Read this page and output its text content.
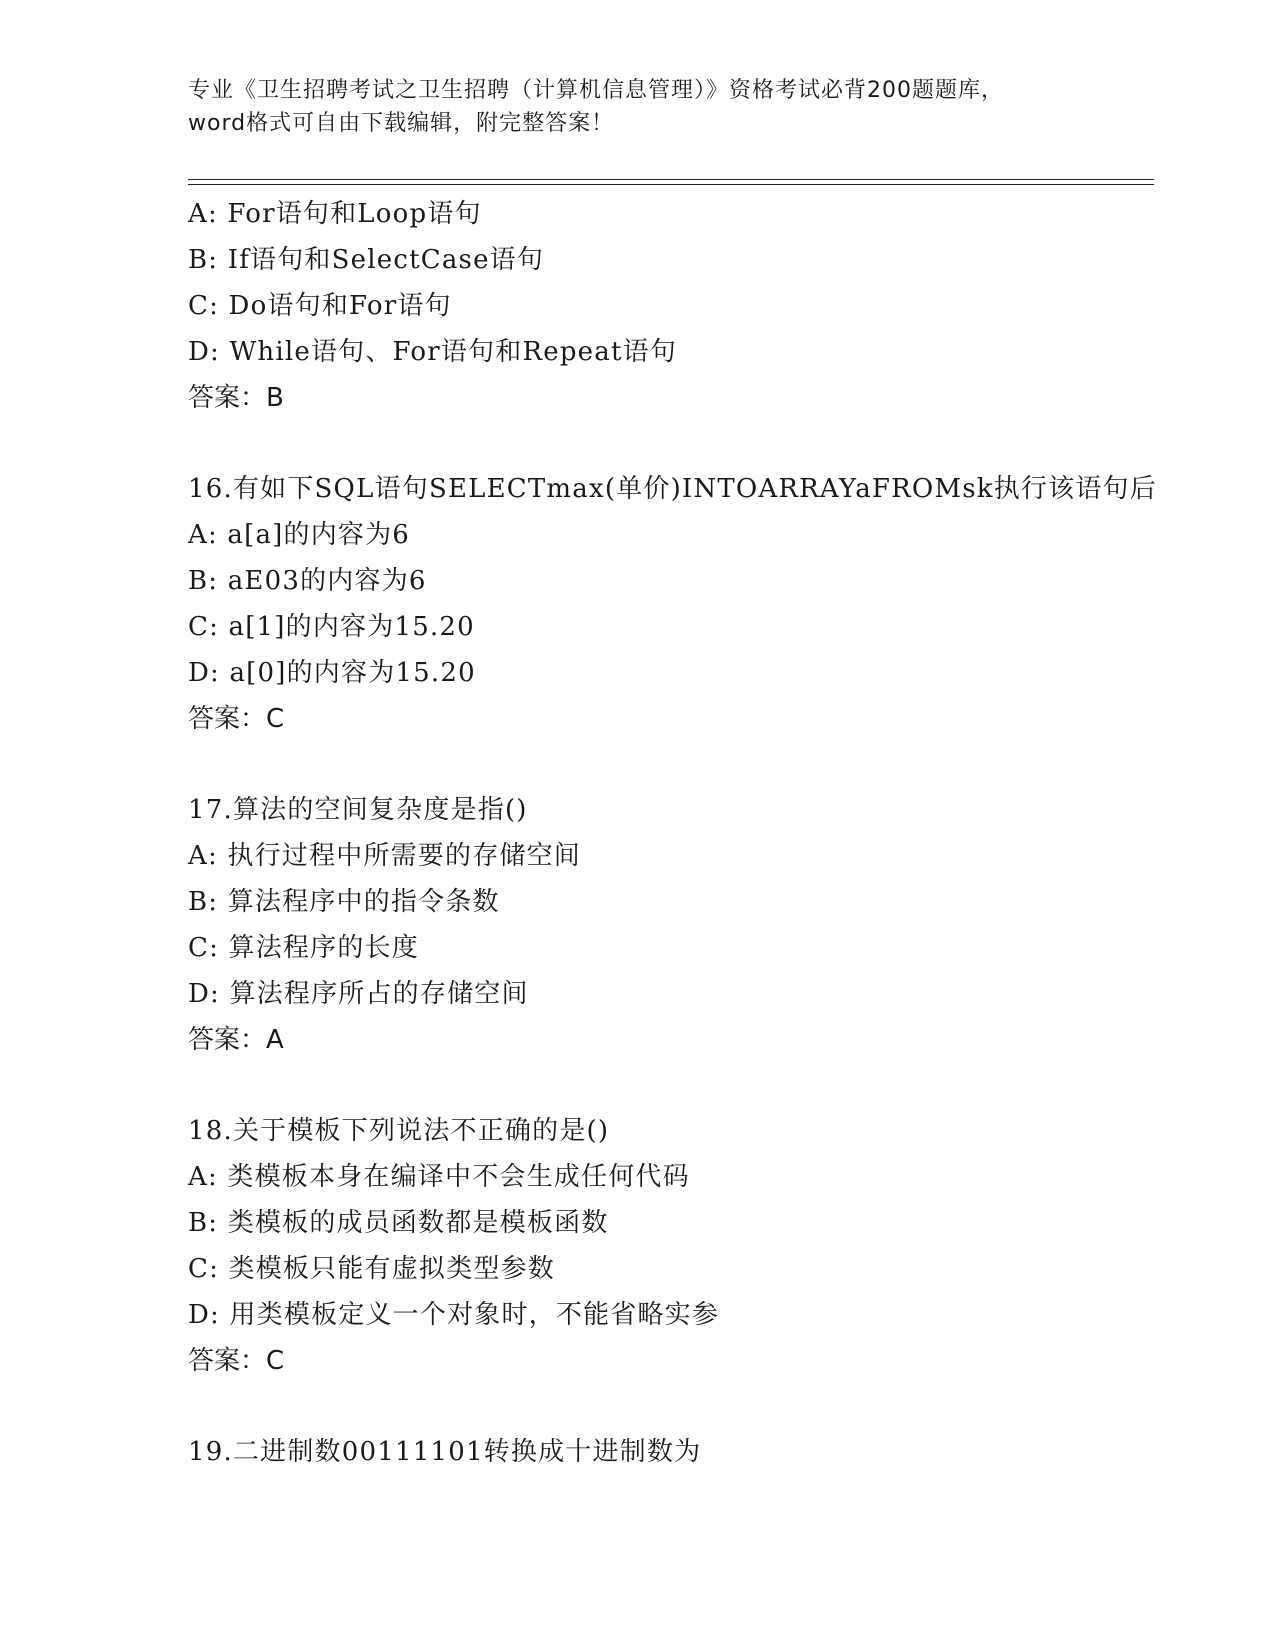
专业《卫生招聘考试之卫生招聘（计算机信息管理）》资格考试必背200题题库，
word格式可自由下载编辑，附完整答案！
A: For语句和Loop语句
B: If语句和SelectCase语句
C: Do语句和For语句
D: While语句、For语句和Repeat语句
答案：B
16.有如下SQL语句SELECTmax(单价)INTOARRAYaFROMsk执行该语句后
A: a[a]的内容为6
B: aE03的内容为6
C: a[1]的内容为15.20
D: a[0]的内容为15.20
答案：C
17.算法的空间复杂度是指()
A: 执行过程中所需要的存储空间
B: 算法程序中的指令条数
C: 算法程序的长度
D: 算法程序所占的存储空间
答案：A
18.关于模板下列说法不正确的是()
A: 类模板本身在编译中不会生成任何代码
B: 类模板的成员函数都是模板函数
C: 类模板只能有虚拟类型参数
D: 用类模板定义一个对象时，不能省略实参
答案：C
19.二进制数00111101转换成十进制数为
